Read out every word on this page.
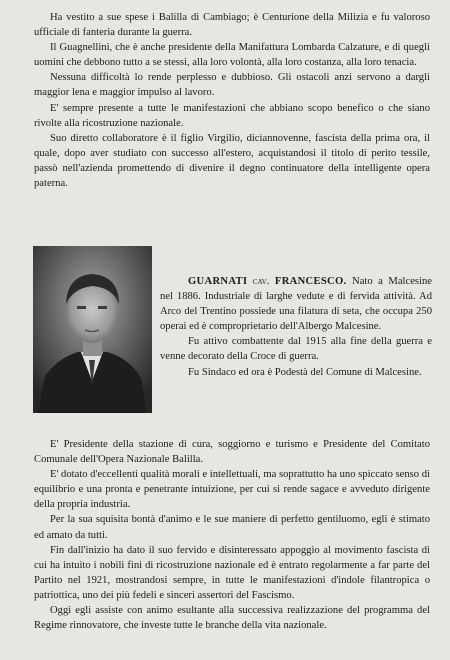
Ha vestito a sue spese i Balilla di Cambiago; è Centurione della Milizia e fu valoroso ufficiale di fanteria durante la guerra.

Il Guagnellini, che è anche presidente della Manifattura Lombarda Calzature, e di quegli uomini che debbono tutto a se stessi, alla loro volontà, alla loro costanza, alla loro tenacia.

Nessuna difficoltà lo rende perplesso e dubbioso. Gli ostacoli anzi servono a dargli maggior lena e maggior impulso al lavoro.

E' sempre presente a tutte le manifestazioni che abbiano scopo benefico o che siano rivolte alla ricostruzione nazionale.

Suo diretto collaboratore è il figlio Virgilio, diciannovenne, fascista della prima ora, il quale, dopo aver studiato con successo all'estero, acquistandosi il titolo di perito tessile, passò nell'azienda promettendo di divenire il degno continuatore della intelligente opera paterna.

GUARNATI cav. FRANCESCO. Nato a Malcesine nel 1886. Industriale di larghe vedute e di fervida attività. Ad Arco del Trentino possiede una filatura di seta, che occupa 250 operai ed è comproprietario dell'Albergo Malcesine.

Fu attivo combattente dal 1915 alla fine della guerra e venne decorato della Croce di guerra.

Fu Sindaco ed ora è Podestà del Comune di Malcesine.

E' Presidente della stazione di cura, soggiorno e turismo e Presidente del Comitato Comunale dell'Opera Nazionale Balilla.

E' dotato d'eccellenti qualità morali e intellettuali, ma soprattutto ha uno spiccato senso di equilibrio e una pronta e penetrante intuizione, per cui si rende sagace e avveduto dirigente della propria industria.

Per la sua squisita bontà d'animo e le sue maniere di perfetto gentiluomo, egli è stimato ed amato da tutti.

Fin dall'inizio ha dato il suo fervido e disinteressato appoggio al movimento fascista di cui ha intuito i nobili fini di ricostruzione nazionale ed è entrato regolarmente a far parte del Partito nel 1921, mostrandosi sempre, in tutte le manifestazioni d'indole filantropica o patriottica, uno dei più fedeli e sinceri assertori del Fascismo.

Oggi egli assiste con animo esultante alla successiva realizzazione del programma del Regime rinnovatore, che investe tutte le branche della vita nazionale.
